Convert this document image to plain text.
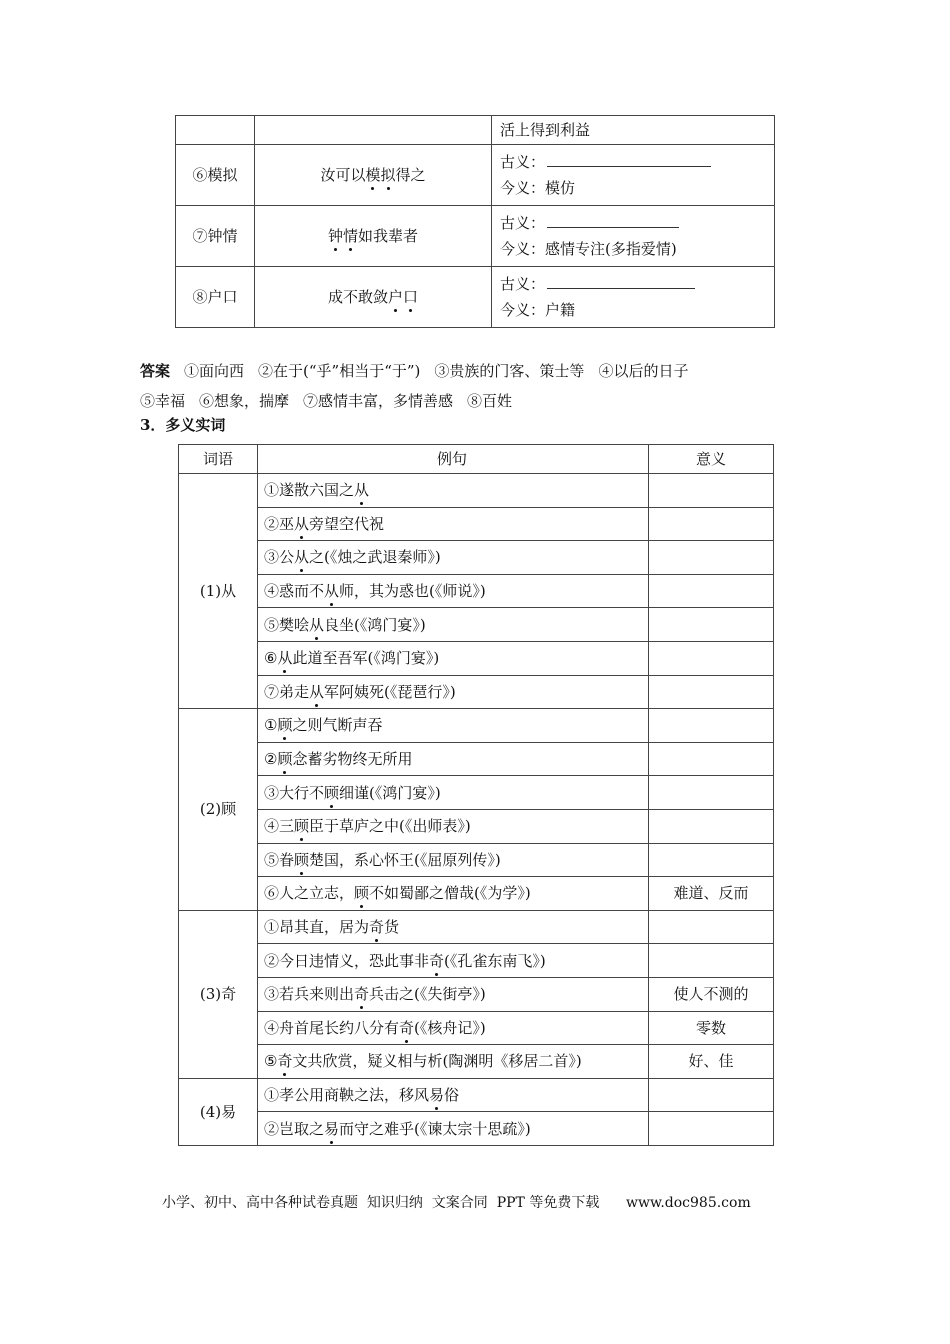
		活上得到利益
⑥模拟	汝可以模拟得之	古义：
今义：模仿

⑦钟情	钟情如我辈者	古义：
今义：感情专注(多指爱情)

⑧户口	成不敢敛户口	古义：
今义：户籍
答案 ①面向西 ②在于(“乎”相当于“于”) ③贵族的门客、策士等 ④以后的日子
⑤幸福 ⑥想象，揣摩 ⑦感情丰富，多情善感 ⑧百姓
3．多义实词
词语	例句	意义
(1)从	①遂散六国之从	
	②巫从旁望空代祝	
	③公从之(《烛之武退秦师》)	
	④惑而不从师，其为惑也(《师说》)	
	⑤樊哙从良坐(《鸿门宴》)	
	⑥从此道至吾军(《鸿门宴》)	
	⑦弟走从军阿姨死(《琵琶行》)	
(2)顾	①顾之则气断声吞	
	②顾念蓄劣物终无所用	
	③大行不顾细谨(《鸿门宴》)	
	④三顾臣于草庐之中(《出师表》)	
	⑤眷顾楚国，系心怀王(《屈原列传》)	
	⑥人之立志，顾不如蜀鄙之僧哉(《为学》)	难道、反而
(3)奇	①昂其直，居为奇货	
	②今日违情义，恐此事非奇(《孔雀东南飞》)	
	③若兵来则出奇兵击之(《失街亭》)	使人不测的
	④舟首尾长约八分有奇(《核舟记》)	零数
	⑤奇文共欣赏，疑义相与析(陶渊明《移居二首》)	好、佳
(4)易	①孝公用商鞅之法，移风易俗	
	②岂取之易而守之难乎(《谏太宗十思疏》)	
小学、初中、高中各种试卷真题  知识归纳  文案合同  PPT 等免费下载      www.doc985.com
